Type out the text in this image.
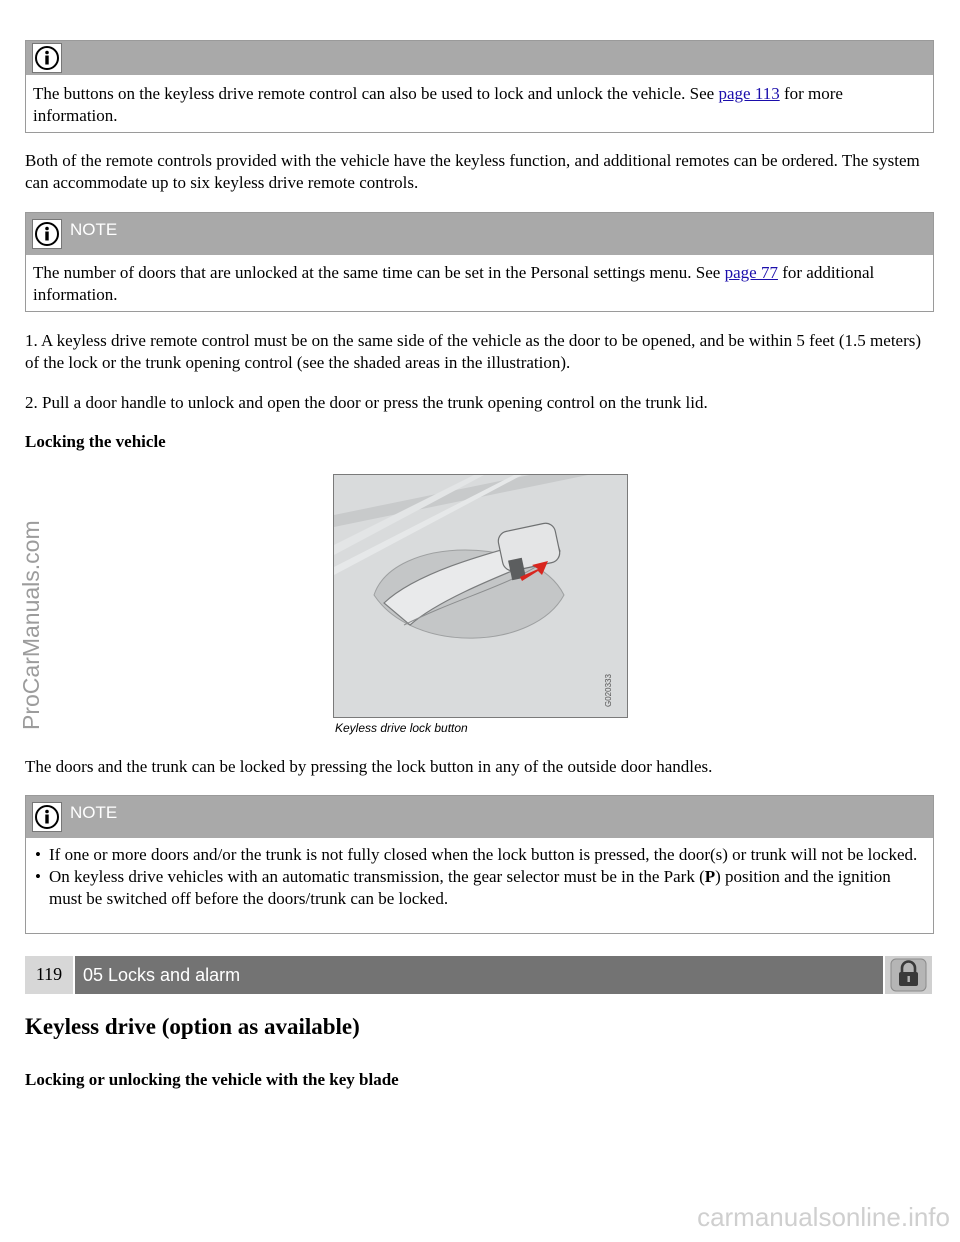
The buttons on the keyless drive remote control can also be used to lock and unlock the vehicle. See page 113 for more information.

Both of the remote controls provided with the vehicle have the keyless function, and additional remotes can be ordered. The system can accommodate up to six keyless drive remote controls.

NOTE
The number of doors that are unlocked at the same time can be set in the Personal settings menu. See page 77 for additional information.

1. A keyless drive remote control must be on the same side of the vehicle as the door to be opened, and be within 5 feet (1.5 meters) of the lock or the trunk opening control (see the shaded areas in the illustration).

2. Pull a door handle to unlock and open the door or press the trunk opening control on the trunk lid.

Locking the vehicle

ProCarManuals.com	G020333
Keyless drive lock button

The doors and the trunk can be locked by pressing the lock button in any of the outside door handles.

NOTE
• If one or more doors and/or the trunk is not fully closed when the lock button is pressed, the door(s) or trunk will not be locked.
• On keyless drive vehicles with an automatic transmission, the gear selector must be in the Park (P) position and the ignition must be switched off before the doors/trunk can be locked.
119	05 Locks and alarm
Keyless drive (option as available)

Locking or unlocking the vehicle with the key blade

carmanualsonline.info
